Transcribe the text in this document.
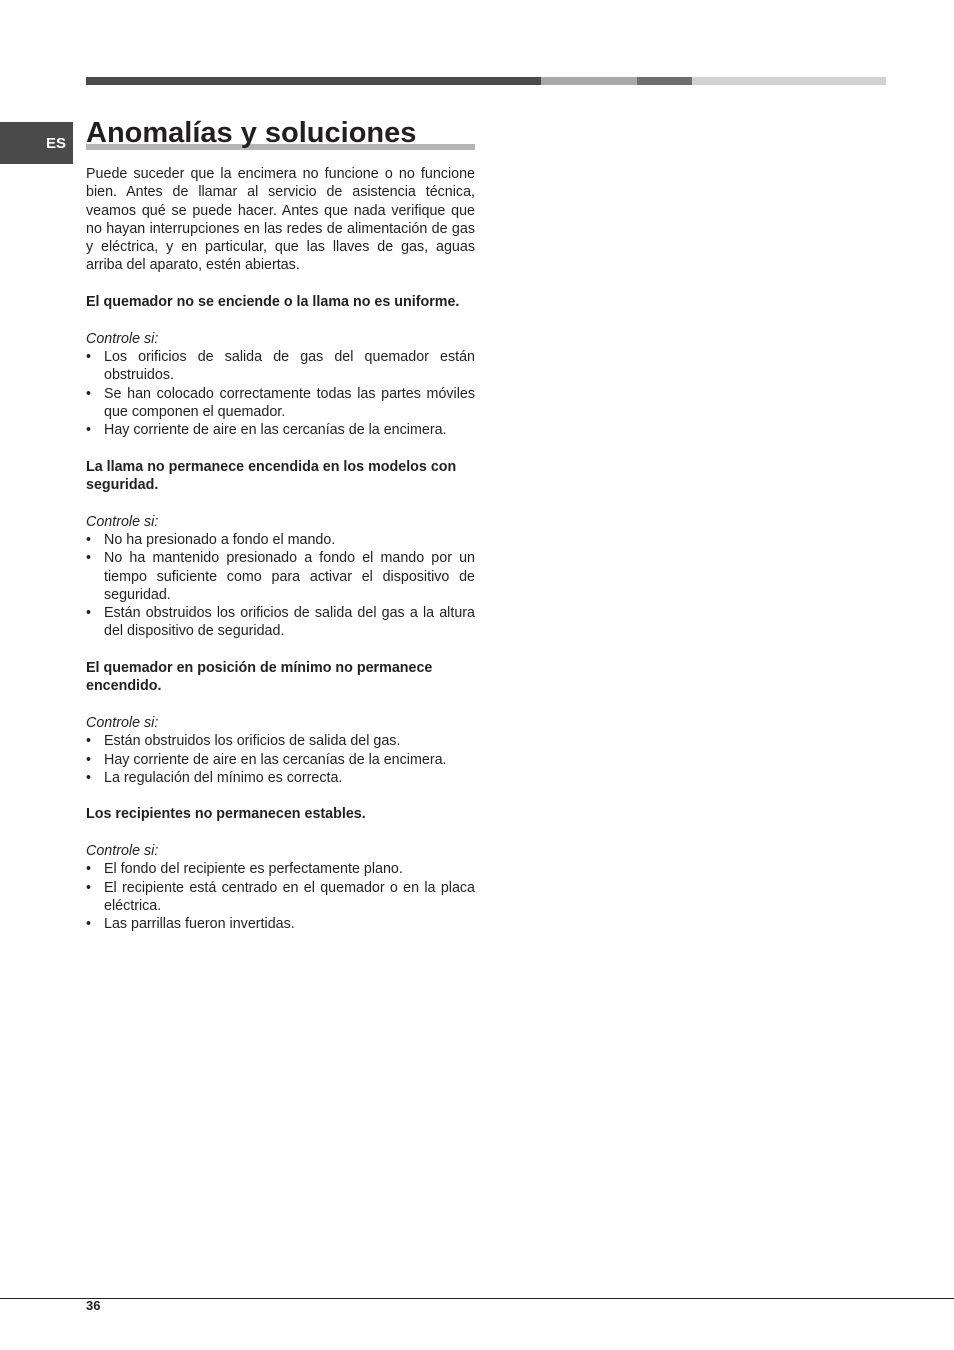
ES Anomalías y soluciones

Puede suceder que la encimera no funcione o no funcione bien. Antes de llamar al servicio de asistencia técnica, veamos qué se puede hacer. Antes que nada verifique que no hayan interrupciones en las redes de alimentación de gas y eléctrica, y en particular, que las llaves de gas, aguas arriba del aparato, estén abiertas.

El quemador no se enciende o la llama no es uniforme.

Controle si:

• Los orificios de salida de gas del quemador están obstruidos.
• Se han colocado correctamente todas las partes móviles que componen el quemador.
• Hay corriente de aire en las cercanías de la encimera.

La llama no permanece encendida en los modelos con seguridad.

Controle si:

• No ha presionado a fondo el mando.
• No ha mantenido presionado a fondo el mando por un tiempo suficiente como para activar el dispositivo de seguridad.
• Están obstruidos los orificios de salida del gas a la altura del dispositivo de seguridad.

El quemador en posición de mínimo no permanece encendido.

Controle si:

• Están obstruidos los orificios de salida del gas.
• Hay corriente de aire en las cercanías de la encimera.
• La regulación del mínimo es correcta.

Los recipientes no permanecen estables.

Controle si:

• El fondo del recipiente es perfectamente plano.
• El recipiente está centrado en el quemador o en la placa eléctrica.
• Las parrillas fueron invertidas.
36
